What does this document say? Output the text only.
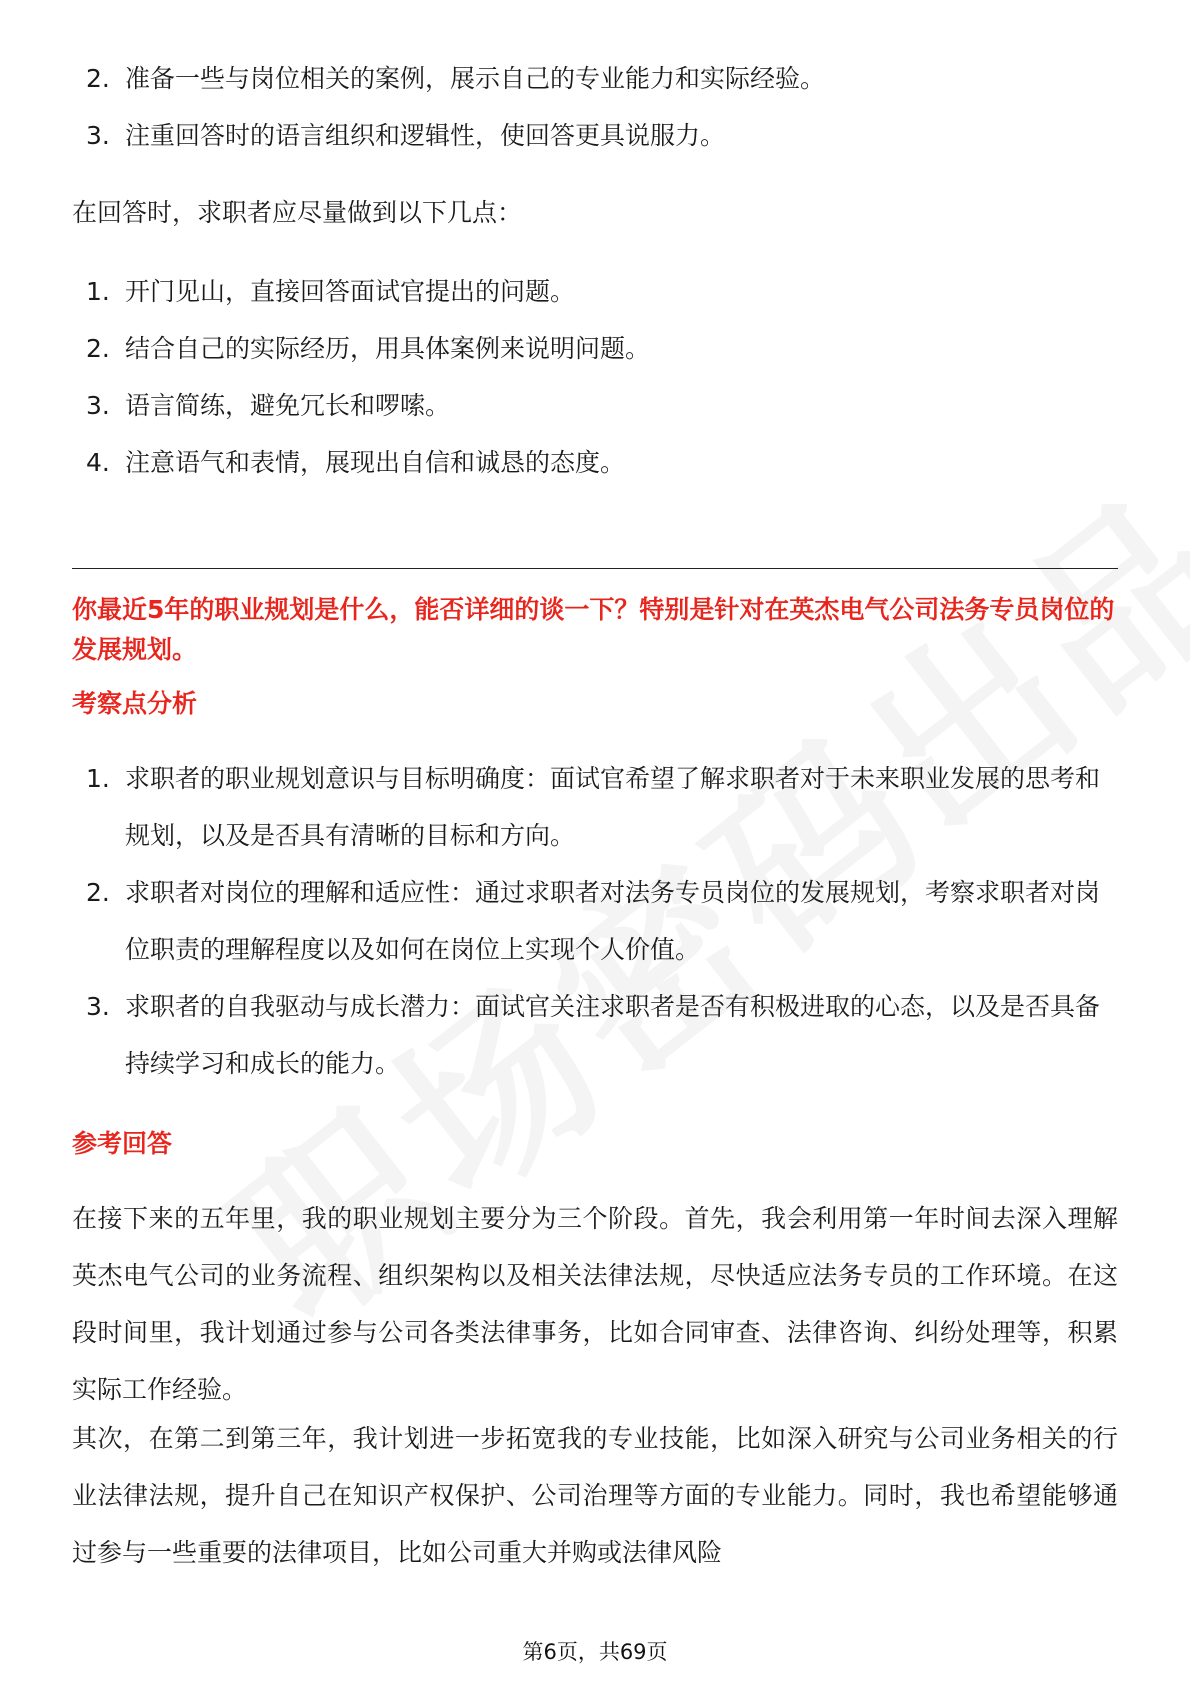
2. 准备一些与岗位相关的案例，展示自己的专业能力和实际经验。
3. 注重回答时的语言组织和逻辑性，使回答更具说服力。

在回答时，求职者应尽量做到以下几点：

1. 开门见山，直接回答面试官提出的问题。
2. 结合自己的实际经历，用具体案例来说明问题。
3. 语言简练，避免冗长和啰嗦。
4. 注意语气和表情，展现出自信和诚恳的态度。

你最近5年的职业规划是什么，能否详细的谈一下？特别是针对在英杰电气公司法务专员岗位的发展规划。

考察点分析

1. 求职者的职业规划意识与目标明确度：面试官希望了解求职者对于未来职业发展的思考和规划，以及是否具有清晰的目标和方向。
2. 求职者对岗位的理解和适应性：通过求职者对法务专员岗位的发展规划，考察求职者对岗位职责的理解程度以及如何在岗位上实现个人价值。
3. 求职者的自我驱动与成长潜力：面试官关注求职者是否有积极进取的心态，以及是否具备持续学习和成长的能力。

参考回答

在接下来的五年里，我的职业规划主要分为三个阶段。首先，我会利用第一年时间去深入理解英杰电气公司的业务流程、组织架构以及相关法律法规，尽快适应法务专员的工作环境。在这段时间里，我计划通过参与公司各类法律事务，比如合同审查、法律咨询、纠纷处理等，积累实际工作经验。

其次，在第二到第三年，我计划进一步拓宽我的专业技能，比如深入研究与公司业务相关的行业法律法规，提升自己在知识产权保护、公司治理等方面的专业能力。同时，我也希望能够通过参与一些重要的法律项目，比如公司重大并购或法律风险

第6页，共69页
